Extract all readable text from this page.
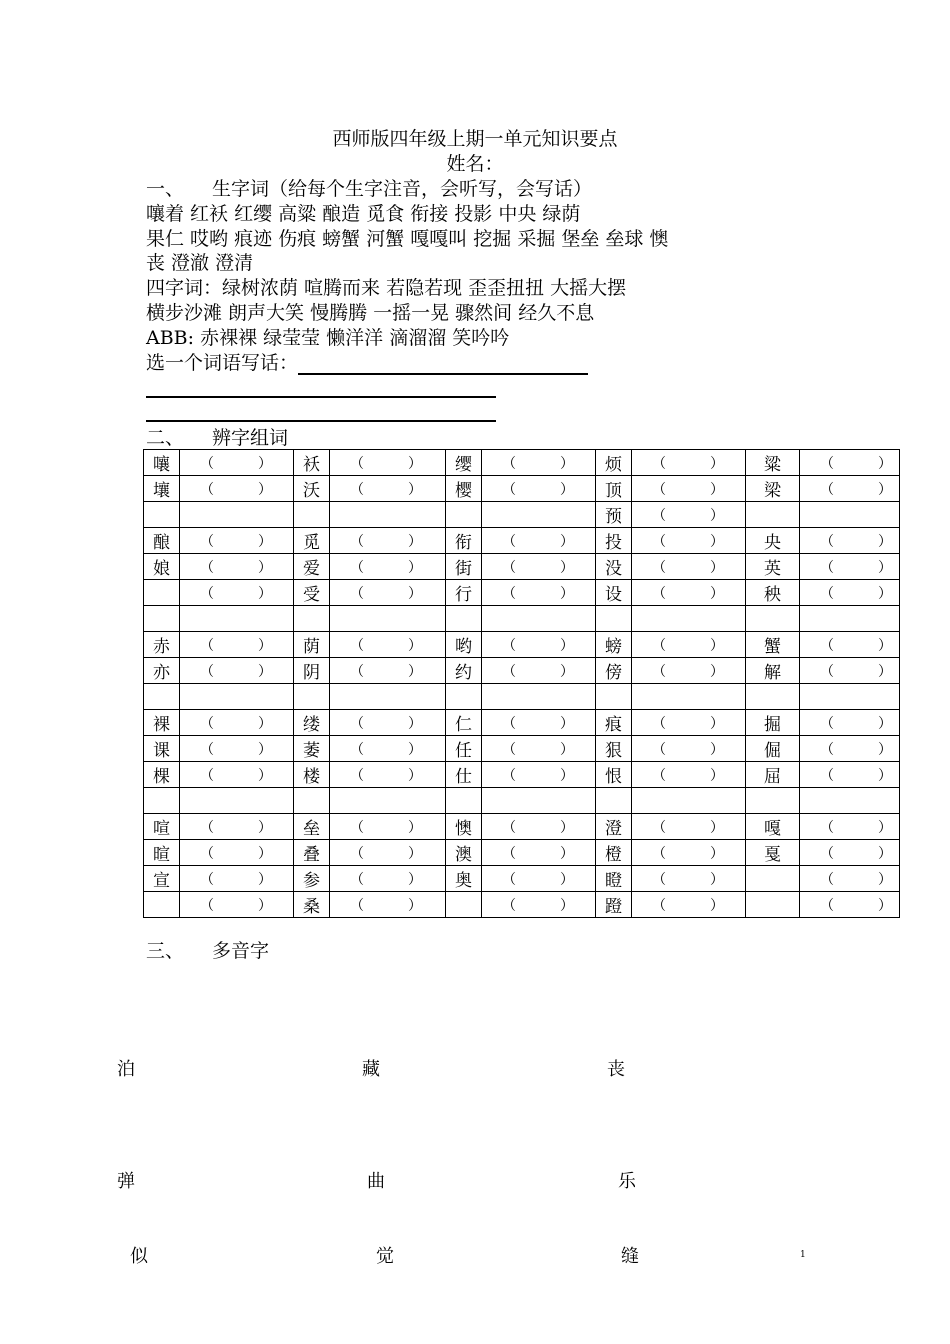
西师版四年级上期一单元知识要点
姓名：
一、 生字词（给每个生字注音，会听写，会写话）
嚷着 红袄 红缨 高粱 酿造 觅食 衔接 投影 中央 绿荫
果仁 哎哟 痕迹 伤痕 螃蟹 河蟹 嘎嘎叫 挖掘 采掘 堡垒 垒球 懊
丧 澄澈 澄清
四字词：绿树浓荫 喧腾而来 若隐若现 歪歪扭扭 大摇大摆
横步沙滩 朗声大笑 慢腾腾 一摇一晃 骤然间 经久不息
ABB: 赤裸裸 绿莹莹 懒洋洋 滴溜溜 笑吟吟
选一个词语写话：
二、 辨字组词
嚷	（ ）	袄	（ ）	缨	（ ）	烦	（ ）	粱	（ ）
壤	（ ）	沃	（ ）	樱	（ ）	顶	（ ）	梁	（ ）
						预	（ ）		
酿	（ ）	觅	（ ）	衔	（ ）	投	（ ）	央	（ ）
娘	（ ）	爱	（ ）	街	（ ）	没	（ ）	英	（ ）
	（ ）	受	（ ）	行	（ ）	设	（ ）	秧	（ ）

赤	（ ）	荫	（ ）	哟	（ ）	螃	（ ）	蟹	（ ）
亦	（ ）	阴	（ ）	约	（ ）	傍	（ ）	解	（ ）

裸	（ ）	缕	（ ）	仁	（ ）	痕	（ ）	掘	（ ）
课	（ ）	萎	（ ）	任	（ ）	狠	（ ）	倔	（ ）
棵	（ ）	楼	（ ）	仕	（ ）	恨	（ ）	屈	（ ）

喧	（ ）	垒	（ ）	懊	（ ）	澄	（ ）	嘎	（ ）
暄	（ ）	叠	（ ）	澳	（ ）	橙	（ ）	戛	（ ）
宣	（ ）	参	（ ）	奥	（ ）	瞪	（ ）		（ ）
	（ ）	桑	（ ）		（ ）	蹬	（ ）		（ ）
三、 多音字
泊	藏	丧
弹	曲	乐
似	觉	缝	1
